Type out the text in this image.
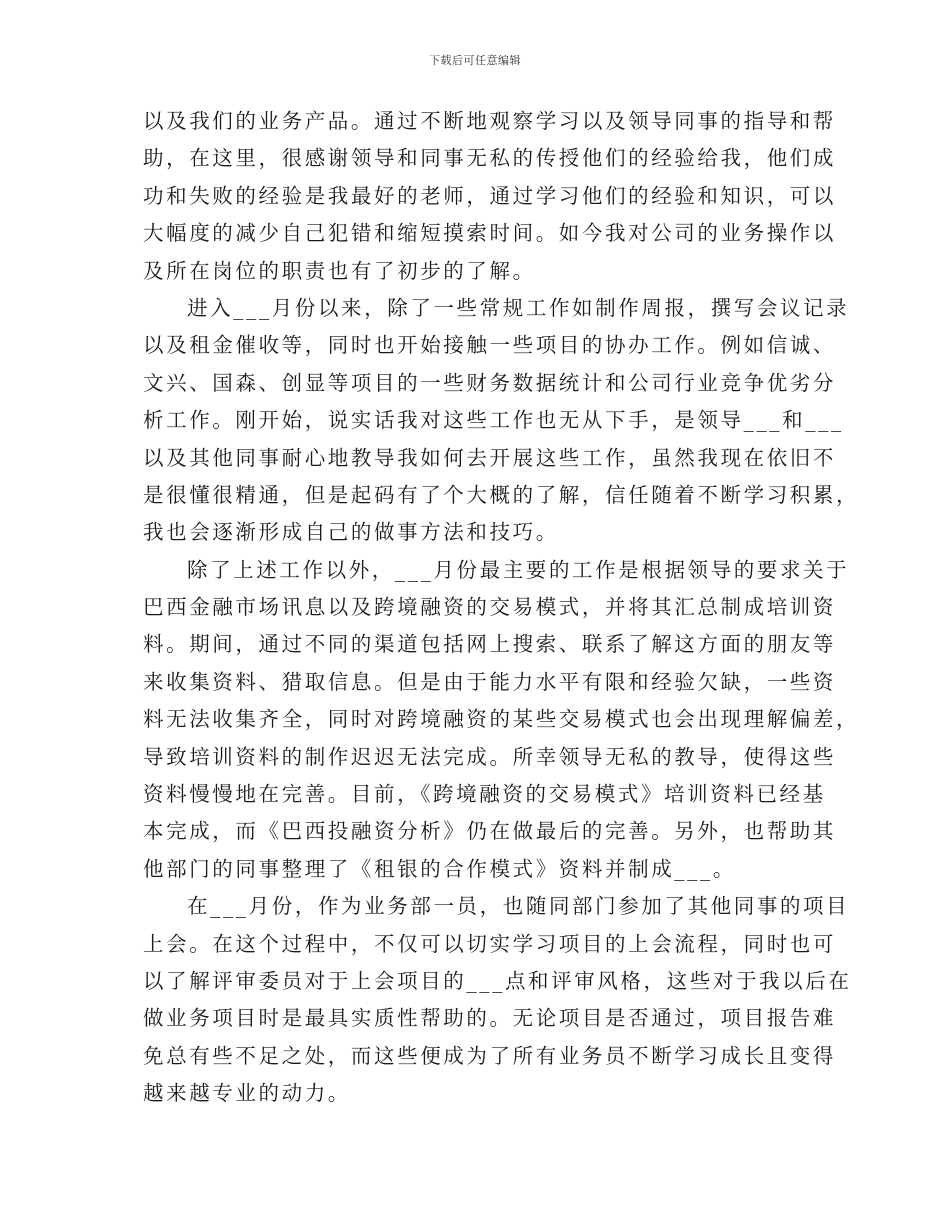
下载后可任意编辑
以及我们的业务产品。通过不断地观察学习以及领导同事的指导和帮
助，在这里，很感谢领导和同事无私的传授他们的经验给我，他们成
功和失败的经验是我最好的老师，通过学习他们的经验和知识，可以
大幅度的减少自己犯错和缩短摸索时间。如今我对公司的业务操作以
及所在岗位的职责也有了初步的了解。
进入___月份以来，除了一些常规工作如制作周报，撰写会议记录
以及租金催收等，同时也开始接触一些项目的协办工作。例如信诚、
文兴、国森、创显等项目的一些财务数据统计和公司行业竞争优劣分
析工作。刚开始，说实话我对这些工作也无从下手，是领导___和___
以及其他同事耐心地教导我如何去开展这些工作，虽然我现在依旧不
是很懂很精通，但是起码有了个大概的了解，信任随着不断学习积累，
我也会逐渐形成自己的做事方法和技巧。
除了上述工作以外，___月份最主要的工作是根据领导的要求关于
巴西金融市场讯息以及跨境融资的交易模式，并将其汇总制成培训资
料。期间，通过不同的渠道包括网上搜索、联系了解这方面的朋友等
来收集资料、猎取信息。但是由于能力水平有限和经验欠缺，一些资
料无法收集齐全，同时对跨境融资的某些交易模式也会出现理解偏差，
导致培训资料的制作迟迟无法完成。所幸领导无私的教导，使得这些
资料慢慢地在完善。目前，《跨境融资的交易模式》培训资料已经基
本完成，而《巴西投融资分析》仍在做最后的完善。另外，也帮助其
他部门的同事整理了《租银的合作模式》资料并制成___。
在___月份，作为业务部一员，也随同部门参加了其他同事的项目
上会。在这个过程中，不仅可以切实学习项目的上会流程，同时也可
以了解评审委员对于上会项目的___点和评审风格，这些对于我以后在
做业务项目时是最具实质性帮助的。无论项目是否通过，项目报告难
免总有些不足之处，而这些便成为了所有业务员不断学习成长且变得
越来越专业的动力。
